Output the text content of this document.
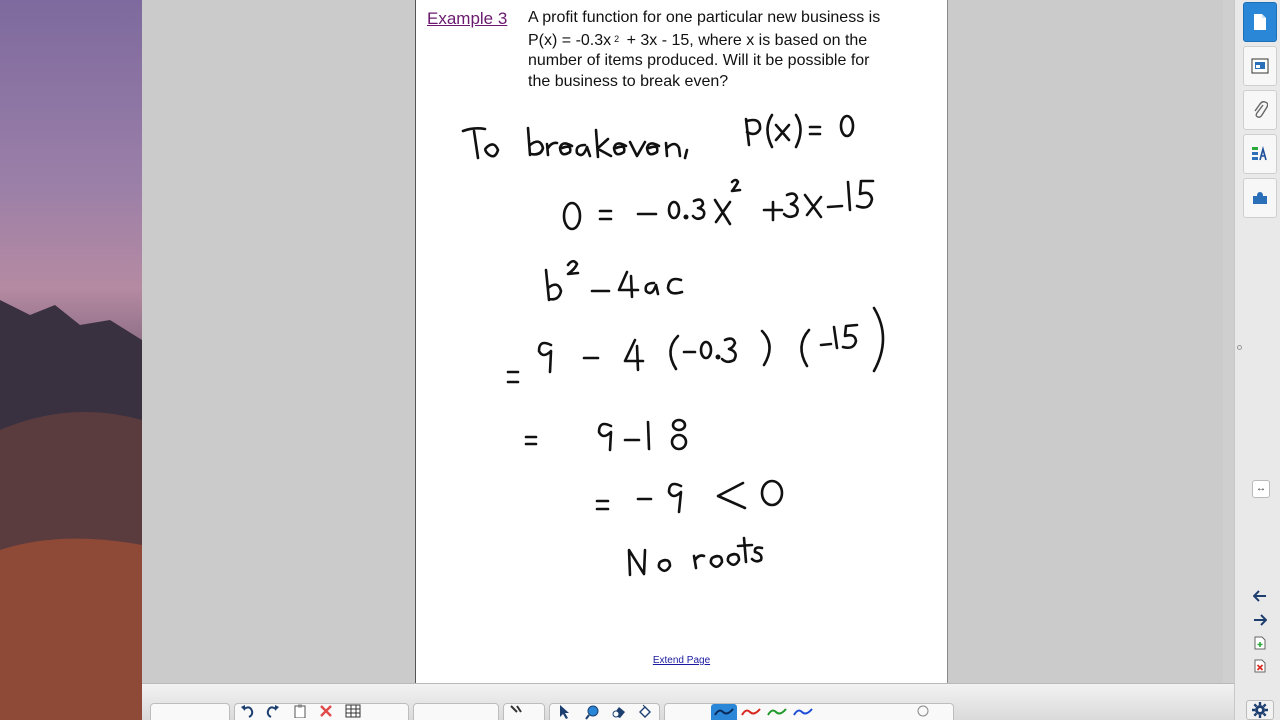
Example 3 A profit function for one particular new business is
P(x) = -0.3x $^2$ + 3x - 15, where x is based on the
number of items produced. Will it be possible for
the business to break even?
Extend Page
↔
